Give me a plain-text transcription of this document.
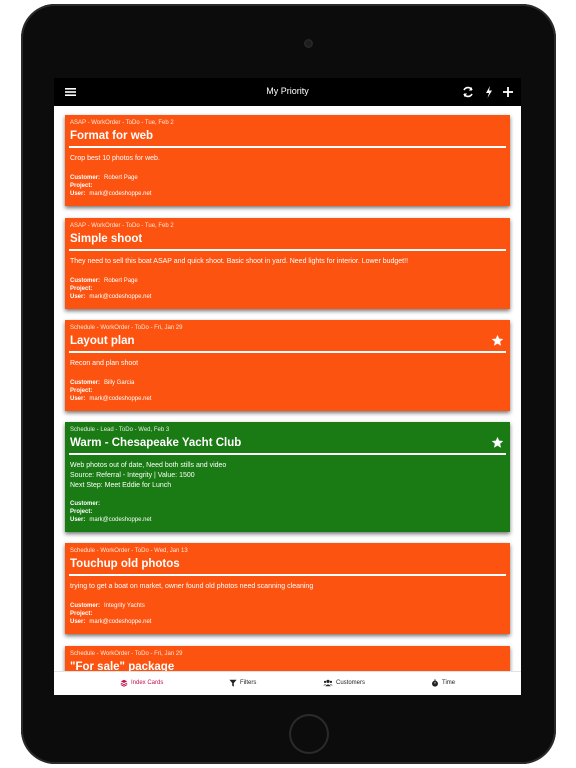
My Priority
ASAP - WorkOrder - ToDo - Tue, Feb 2
Format for web
Crop best 10 photos for web.
Customer: Robert Page
Project:
User: mark@codeshoppe.net
ASAP - WorkOrder - ToDo - Tue, Feb 2
Simple shoot
They need to sell this boat ASAP and quick shoot. Basic shoot in yard. Need lights for interior. Lower budget!!
Customer: Robert Page
Project:
User: mark@codeshoppe.net
Schedule - WorkOrder - ToDo - Fri, Jan 29
Layout plan
Recon and plan shoot
Customer: Billy Garcia
Project:
User: mark@codeshoppe.net
Schedule - Lead - ToDo - Wed, Feb 3
Warm - Chesapeake Yacht Club
Web photos out of date, Need both stills and video
Source: Referral - Integrity | Value: 1500
Next Step: Meet Eddie for Lunch
Customer:
Project:
User: mark@codeshoppe.net
Schedule - WorkOrder - ToDo - Wed, Jan 13
Touchup old photos
trying to get a boat on market, owner found old photos need scanning cleaning
Customer: Integrity Yachts
Project:
User: mark@codeshoppe.net
Schedule - WorkOrder - ToDo - Fri, Jan 29
"For sale" package
Index Cards	Filters	Customers	Time
